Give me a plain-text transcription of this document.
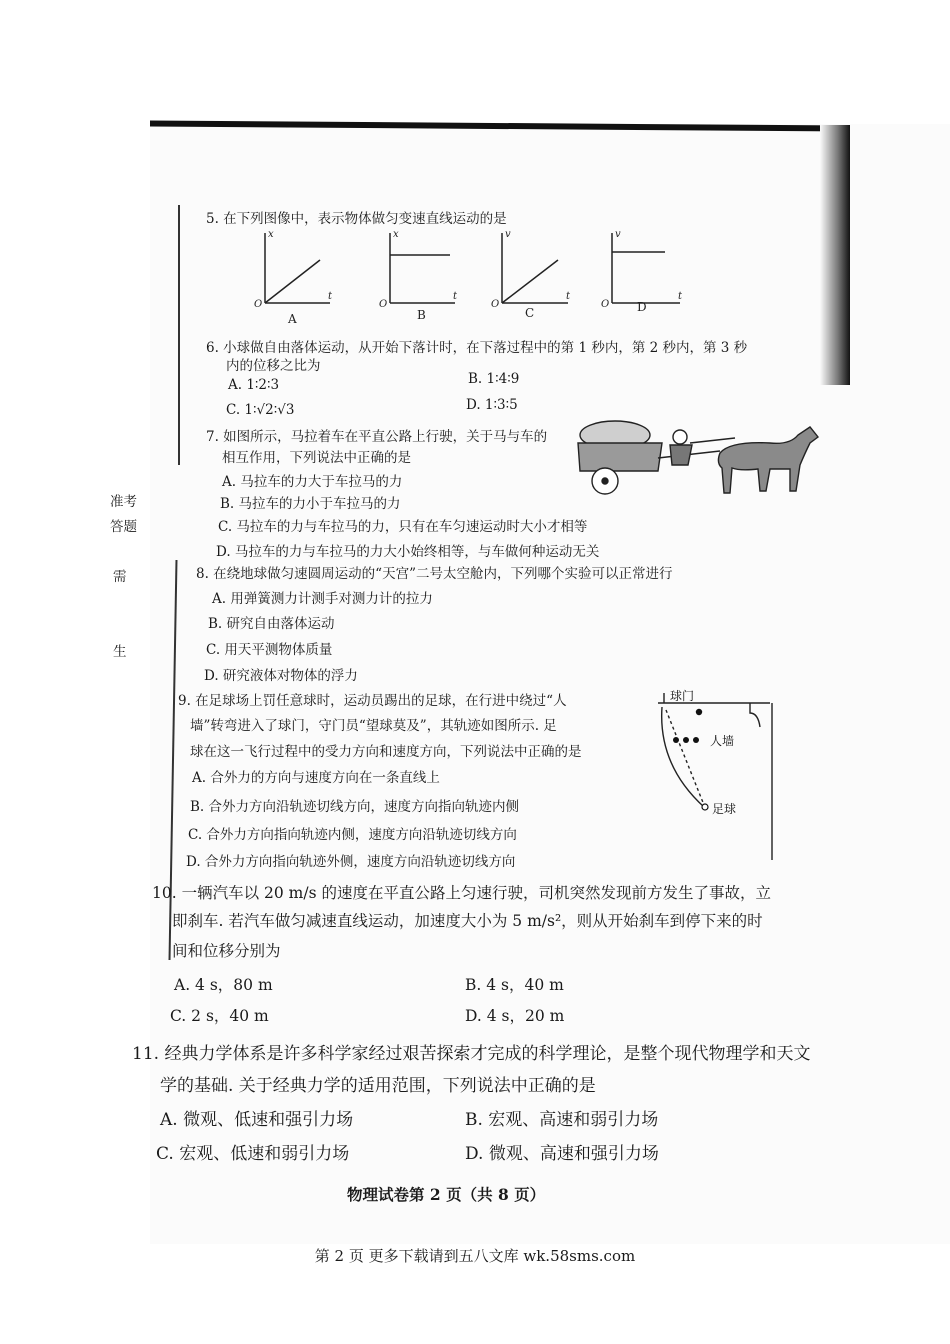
准考
答题
需
生
5. 在下列图像中，表示物体做匀变速直线运动的是
x
O
t
x
O
t
v
O
t
v
O
t
A	B	C	D
6. 小球做自由落体运动，从开始下落计时，在下落过程中的第 1 秒内，第 2 秒内，第 3 秒
内的位移之比为
A. 1∶2∶3	B. 1∶4∶9
C. 1∶√2∶√3	D. 1∶3∶5
7. 如图所示，马拉着车在平直公路上行驶，关于马与车的
相互作用，下列说法中正确的是
A. 马拉车的力大于车拉马的力
B. 马拉车的力小于车拉马的力
C. 马拉车的力与车拉马的力，只有在车匀速运动时大小才相等
D. 马拉车的力与车拉马的力大小始终相等，与车做何种运动无关
8. 在绕地球做匀速圆周运动的“天宫”二号太空舱内，下列哪个实验可以正常进行
A. 用弹簧测力计测手对测力计的拉力
B. 研究自由落体运动
C. 用天平测物体质量
D. 研究液体对物体的浮力
9. 在足球场上罚任意球时，运动员踢出的足球，在行进中绕过“人
墙”转弯进入了球门，守门员“望球莫及”，其轨迹如图所示. 足
球在这一飞行过程中的受力方向和速度方向，下列说法中正确的是
A. 合外力的方向与速度方向在一条直线上
B. 合外力方向沿轨迹切线方向，速度方向指向轨迹内侧
C. 合外力方向指向轨迹内侧，速度方向沿轨迹切线方向
D. 合外力方向指向轨迹外侧，速度方向沿轨迹切线方向
球门
人墙
足球
10. 一辆汽车以 20 m/s 的速度在平直公路上匀速行驶，司机突然发现前方发生了事故，立
即刹车. 若汽车做匀减速直线运动，加速度大小为 5 m/s²，则从开始刹车到停下来的时
间和位移分别为
A. 4 s，80 m	B. 4 s，40 m
C. 2 s，40 m	D. 4 s，20 m
11. 经典力学体系是许多科学家经过艰苦探索才完成的科学理论，是整个现代物理学和天文
学的基础. 关于经典力学的适用范围，下列说法中正确的是
A. 微观、低速和强引力场	B. 宏观、高速和弱引力场
C. 宏观、低速和弱引力场	D. 微观、高速和强引力场
物理试卷第 2 页（共 8 页）
第 2 页 更多下载请到五八文库 wk.58sms.com
